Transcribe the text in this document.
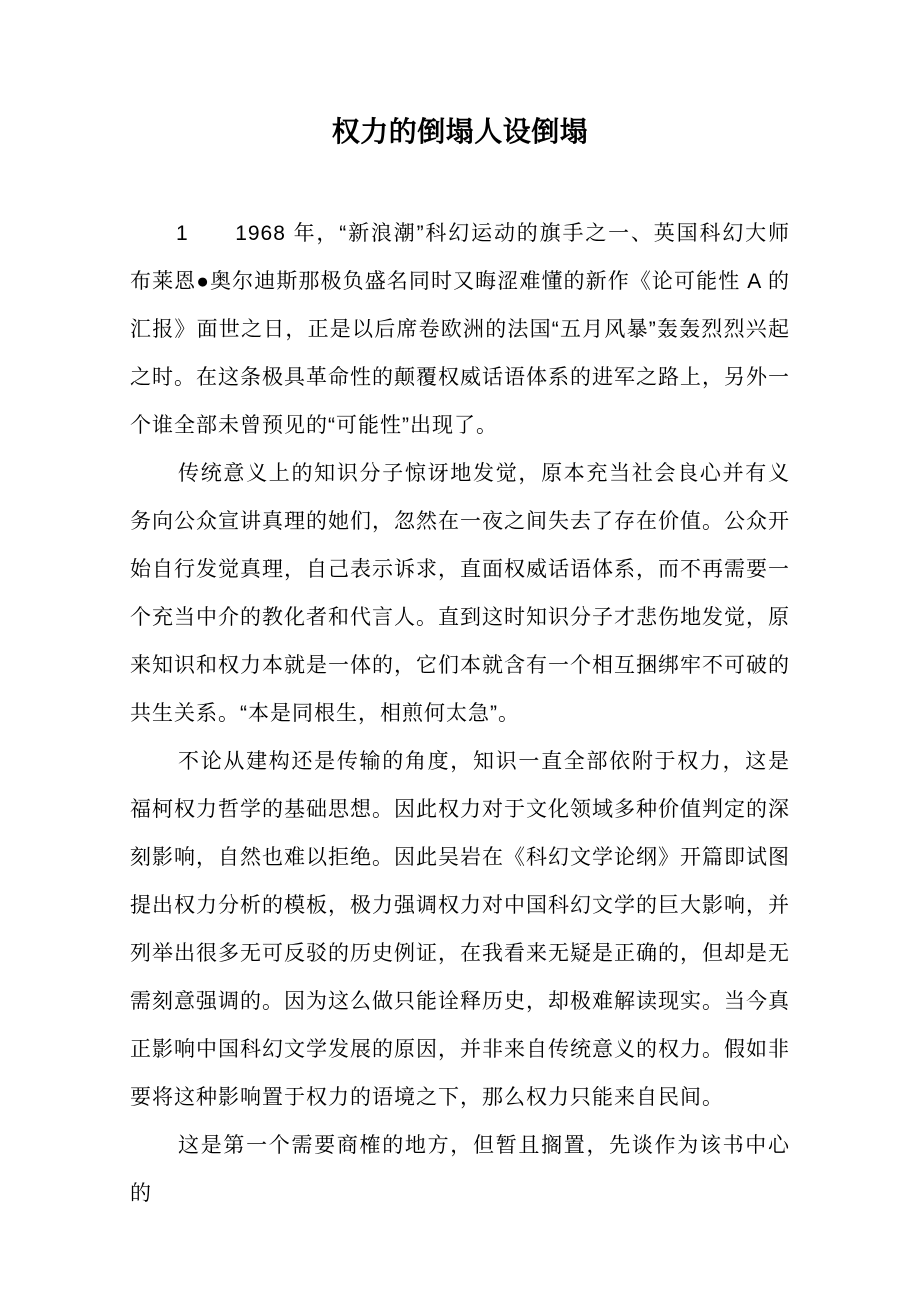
权力的倒塌人设倒塌

1　　1968 年，“新浪潮”科幻运动的旗手之一、英国科幻大师布莱恩●奥尔迪斯那极负盛名同时又晦涩难懂的新作《论可能性 A 的汇报》面世之日，正是以后席卷欧洲的法国“五月风暴”轰轰烈烈兴起之时。在这条极具革命性的颠覆权威话语体系的进军之路上，另外一个谁全部未曾预见的“可能性”出现了。

传统意义上的知识分子惊讶地发觉，原本充当社会良心并有义务向公众宣讲真理的她们，忽然在一夜之间失去了存在价值。公众开始自行发觉真理，自己表示诉求，直面权威话语体系，而不再需要一个充当中介的教化者和代言人。直到这时知识分子才悲伤地发觉，原来知识和权力本就是一体的，它们本就含有一个相互捆绑牢不可破的共生关系。“本是同根生，相煎何太急”。

不论从建构还是传输的角度，知识一直全部依附于权力，这是福柯权力哲学的基础思想。因此权力对于文化领域多种价值判定的深刻影响，自然也难以拒绝。因此吴岩在《科幻文学论纲》开篇即试图提出权力分析的模板，极力强调权力对中国科幻文学的巨大影响，并列举出很多无可反驳的历史例证，在我看来无疑是正确的，但却是无需刻意强调的。因为这么做只能诠释历史，却极难解读现实。当今真正影响中国科幻文学发展的原因，并非来自传统意义的权力。假如非要将这种影响置于权力的语境之下，那么权力只能来自民间。

这是第一个需要商榷的地方，但暂且搁置，先谈作为该书中心的
